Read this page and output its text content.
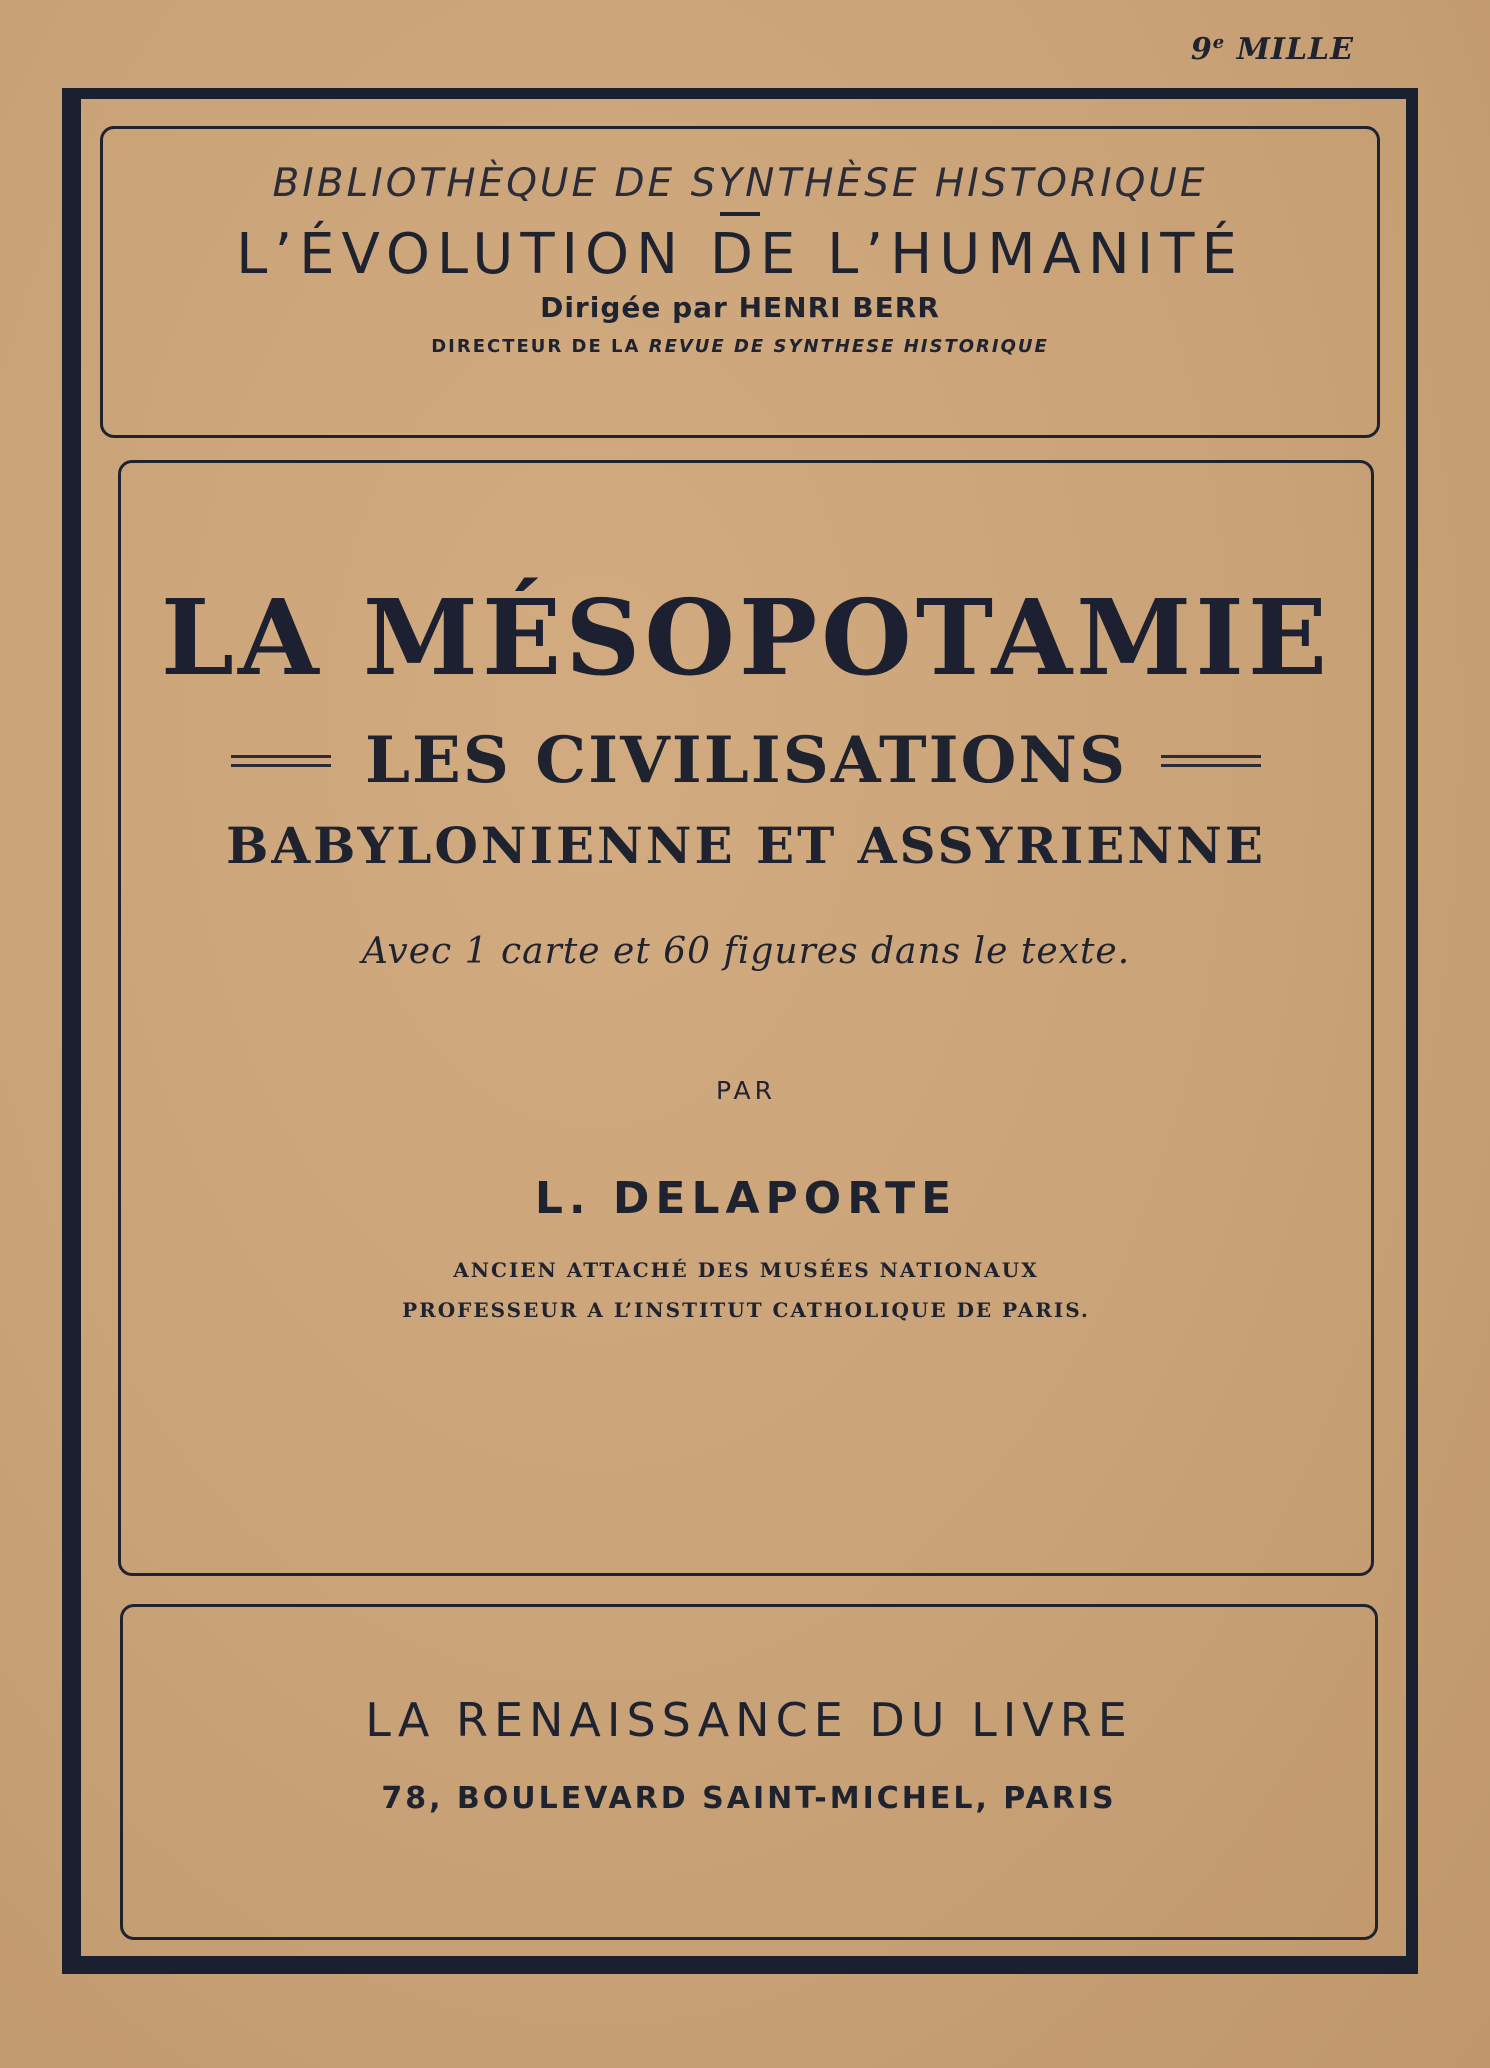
9e MILLE
BIBLIOTHÈQUE DE SYNTHÈSE HISTORIQUE
L’ÉVOLUTION DE L’HUMANITÉ
Dirigée par HENRI BERR
DIRECTEUR DE LA REVUE DE SYNTHESE HISTORIQUE
LA MÉSOPOTAMIE
LES CIVILISATIONS
BABYLONIENNE ET ASSYRIENNE
Avec 1 carte et 60 figures dans le texte.
PAR
L. DELAPORTE
ANCIEN ATTACHÉ DES MUSÉES NATIONAUX
PROFESSEUR A L’INSTITUT CATHOLIQUE DE PARIS.
LA RENAISSANCE DU LIVRE
78, BOULEVARD SAINT-MICHEL, PARIS
